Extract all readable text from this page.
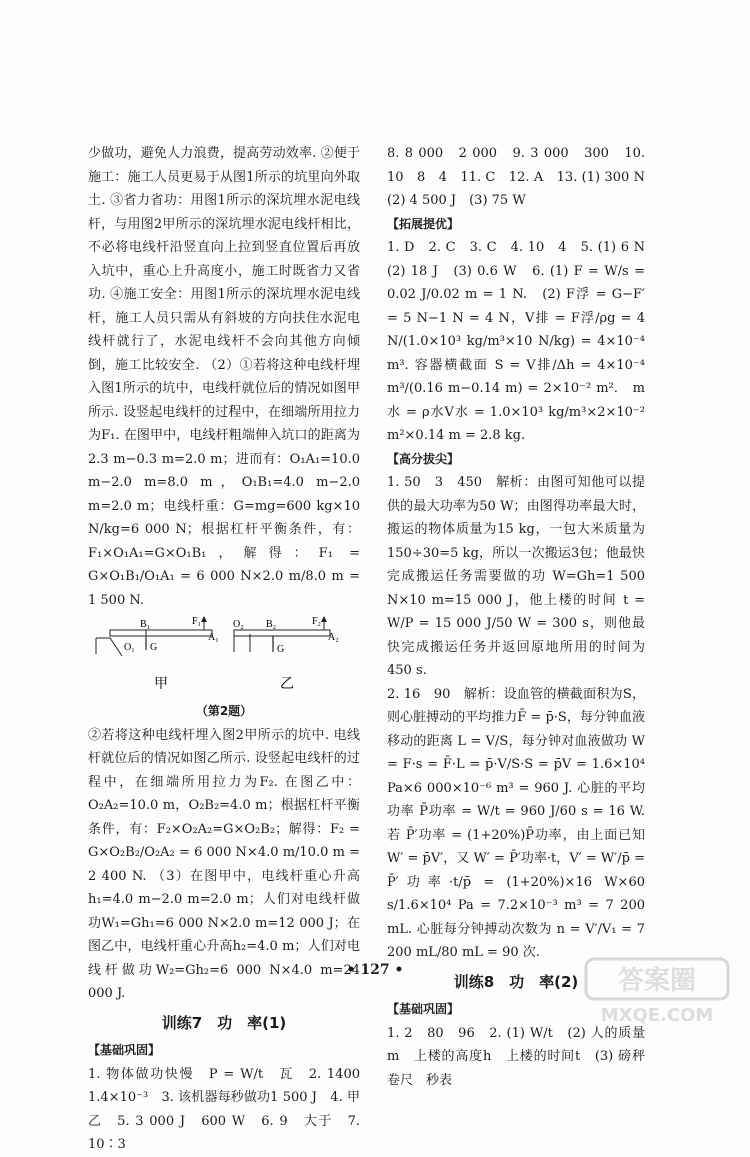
少做功，避免人力浪费，提高劳动效率. ②便于施工：施工人员更易于从图1所示的坑里向外取土. ③省力省功：用图1所示的深坑埋水泥电线杆，与用图2甲所示的深坑埋水泥电线杆相比，不必将电线杆沿竖直向上拉到竖直位置后再放入坑中，重心上升高度小，施工时既省力又省功. ④施工安全：用图1所示的深坑埋水泥电线杆，施工人员只需从有斜坡的方向扶住水泥电线杆就行了，水泥电线杆不会向其他方向倾倒，施工比较安全. （2）①若将这种电线杆埋入图1所示的坑中，电线杆就位后的情况如图甲所示. 设竖起电线杆的过程中，在细端所用拉力为F₁. 在图甲中，电线杆粗端伸入坑口的距离为2.3 m−0.3 m=2.0 m；进而有：O₁A₁=10.0 m−2.0 m=8.0 m，O₁B₁=4.0 m−2.0 m=2.0 m；电线杆重：G=mg=600 kg×10 N/kg=6 000 N；根据杠杆平衡条件，有：F₁×O₁A₁=G×O₁B₁，解得：F₁ = G×O₁B₁/O₁A₁ = 6 000 N×2.0 m/8.0 m = 1 500 N.

B₁	F₁
A₁
O₁ G
甲
O₂ B₂	F₂
A₂
G
乙

（第2题）

②若将这种电线杆埋入图2甲所示的坑中. 电线杆就位后的情况如图乙所示. 设竖起电线杆的过程中，在细端所用拉力为F₂. 在图乙中：O₂A₂=10.0 m，O₂B₂=4.0 m；根据杠杆平衡条件，有：F₂×O₂A₂=G×O₂B₂；解得：F₂ = G×O₂B₂/O₂A₂ = 6 000 N×4.0 m/10.0 m = 2 400 N. （3）在图甲中，电线杆重心升高h₁=4.0 m−2.0 m=2.0 m；人们对电线杆做功W₁=Gh₁=6 000 N×2.0 m=12 000 J；在图乙中，电线杆重心升高h₂=4.0 m；人们对电线杆做功W₂=Gh₂=6 000 N×4.0 m=24 000 J.

训练7　功　率(1)

【基础巩固】

1. 物体做功快慢　P = W/t　瓦　2. 1400　1.4×10⁻³　3. 该机器每秒做功1 500 J　4. 甲　乙　5. 3 000 J　600 W　6. 9　大于　7. 10∶3

8. 8 000　2 000　9. 3 000　300　10. 10　8　4　11. C　12. A　13. (1) 300 N　(2) 4 500 J　(3) 75 W

【拓展提优】

1. D　2. C　3. C　4. 10　4　5. (1) 6 N　(2) 18 J　(3) 0.6 W　6. (1) F = W/s = 0.02 J/0.02 m = 1 N.　(2) F浮 = G−F′ = 5 N−1 N = 4 N，V排 = F浮/ρg = 4 N/(1.0×10³ kg/m³×10 N/kg) = 4×10⁻⁴ m³. 容器横截面 S = V排/Δh = 4×10⁻⁴ m³/(0.16 m−0.14 m) = 2×10⁻² m².　m水 = ρ水V水 = 1.0×10³ kg/m³×2×10⁻² m²×0.14 m = 2.8 kg.

【高分拔尖】

1. 50　3　450　解析：由图可知他可以提供的最大功率为50 W；由图得功率最大时，搬运的物体质量为15 kg，一包大米质量为150÷30=5 kg，所以一次搬运3包；他最快完成搬运任务需要做的功 W=Gh=1 500 N×10 m=15 000 J，他上楼的时间 t = W/P = 15 000 J/50 W = 300 s，则他最快完成搬运任务并返回原地所用的时间为450 s.

2. 16　90　解析：设血管的横截面积为S，则心脏搏动的平均推力F̄ = p̄·S，每分钟血液移动的距离 L = V/S，每分钟对血液做功 W = F·s = F̄·L = p̄·V/S·S = p̄V = 1.6×10⁴ Pa×6 000×10⁻⁶ m³ = 960 J. 心脏的平均功率 P̄功率 = W/t = 960 J/60 s = 16 W. 若 P̄′功率 = (1+20%)P̄功率，由上面已知 W′ = p̄V′，又 W′ = P̄′功率·t，V′ = W′/p̄ = P̄′功率·t/p̄ = (1+20%)×16 W×60 s/1.6×10⁴ Pa = 7.2×10⁻³ m³ = 7 200 mL. 心脏每分钟搏动次数为 n = V′/V₁ = 7 200 mL/80 mL = 90 次.

训练8　功　率(2)

【基础巩固】

1. 2　80　96　2. (1) W/t　(2) 人的质量m　上楼的高度h　上楼的时间t　(3) 磅秤　卷尺　秒表

• 127 •	答案圈
MXQE.COM
